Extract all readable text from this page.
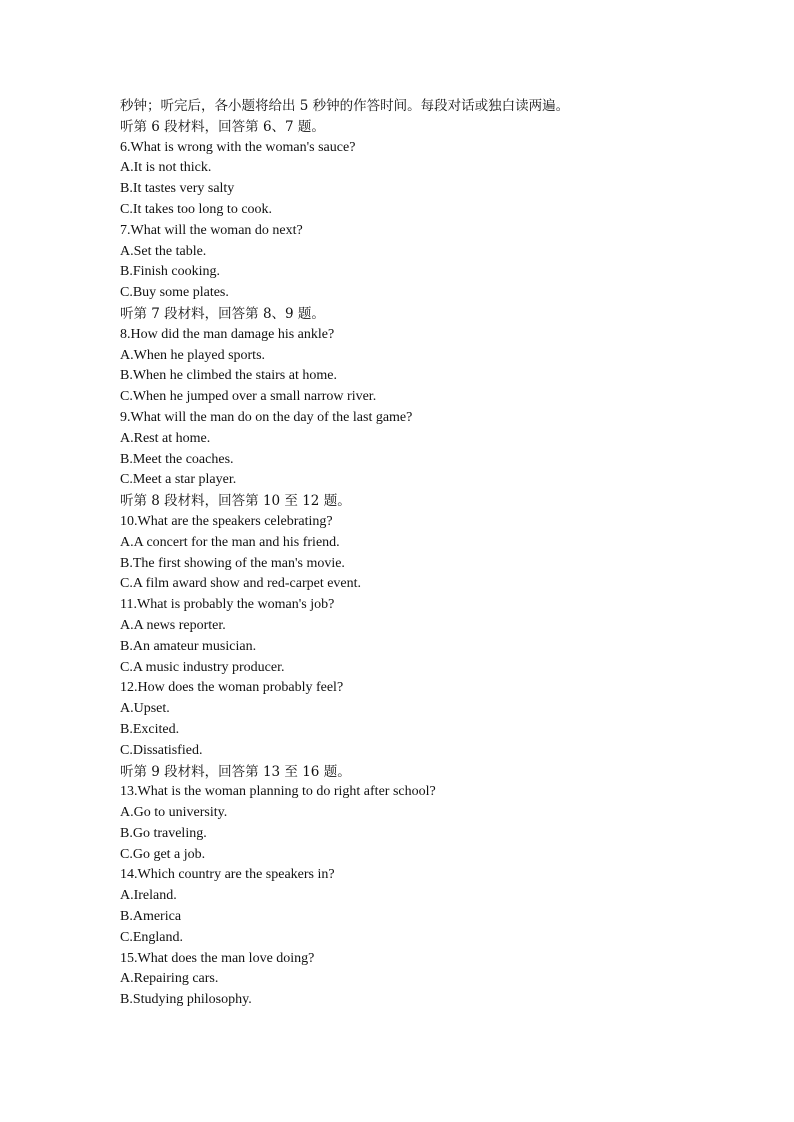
秒钟；听完后，各小题将给出 5 秒钟的作答时间。每段对话或独白读两遍。
听第 6 段材料，回答第 6、7 题。
6.What is wrong with the woman's sauce?
A.It is not thick.
B.It tastes very salty
C.It takes too long to cook.
7.What will the woman do next?
A.Set the table.
B.Finish cooking.
C.Buy some plates.
听第 7 段材料，回答第 8、9 题。
8.How did the man damage his ankle?
A.When he played sports.
B.When he climbed the stairs at home.
C.When he jumped over a small narrow river.
9.What will the man do on the day of the last game?
A.Rest at home.
B.Meet the coaches.
C.Meet a star player.
听第 8 段材料，回答第 10 至 12 题。
10.What are the speakers celebrating?
A.A concert for the man and his friend.
B.The first showing of the man's movie.
C.A film award show and red-carpet event.
11.What is probably the woman's job?
A.A news reporter.
B.An amateur musician.
C.A music industry producer.
12.How does the woman probably feel?
A.Upset.
B.Excited.
C.Dissatisfied.
听第 9 段材料，回答第 13 至 16 题。
13.What is the woman planning to do right after school?
A.Go to university.
B.Go traveling.
C.Go get a job.
14.Which country are the speakers in?
A.Ireland.
B.America
C.England.
15.What does the man love doing?
A.Repairing cars.
B.Studying philosophy.
